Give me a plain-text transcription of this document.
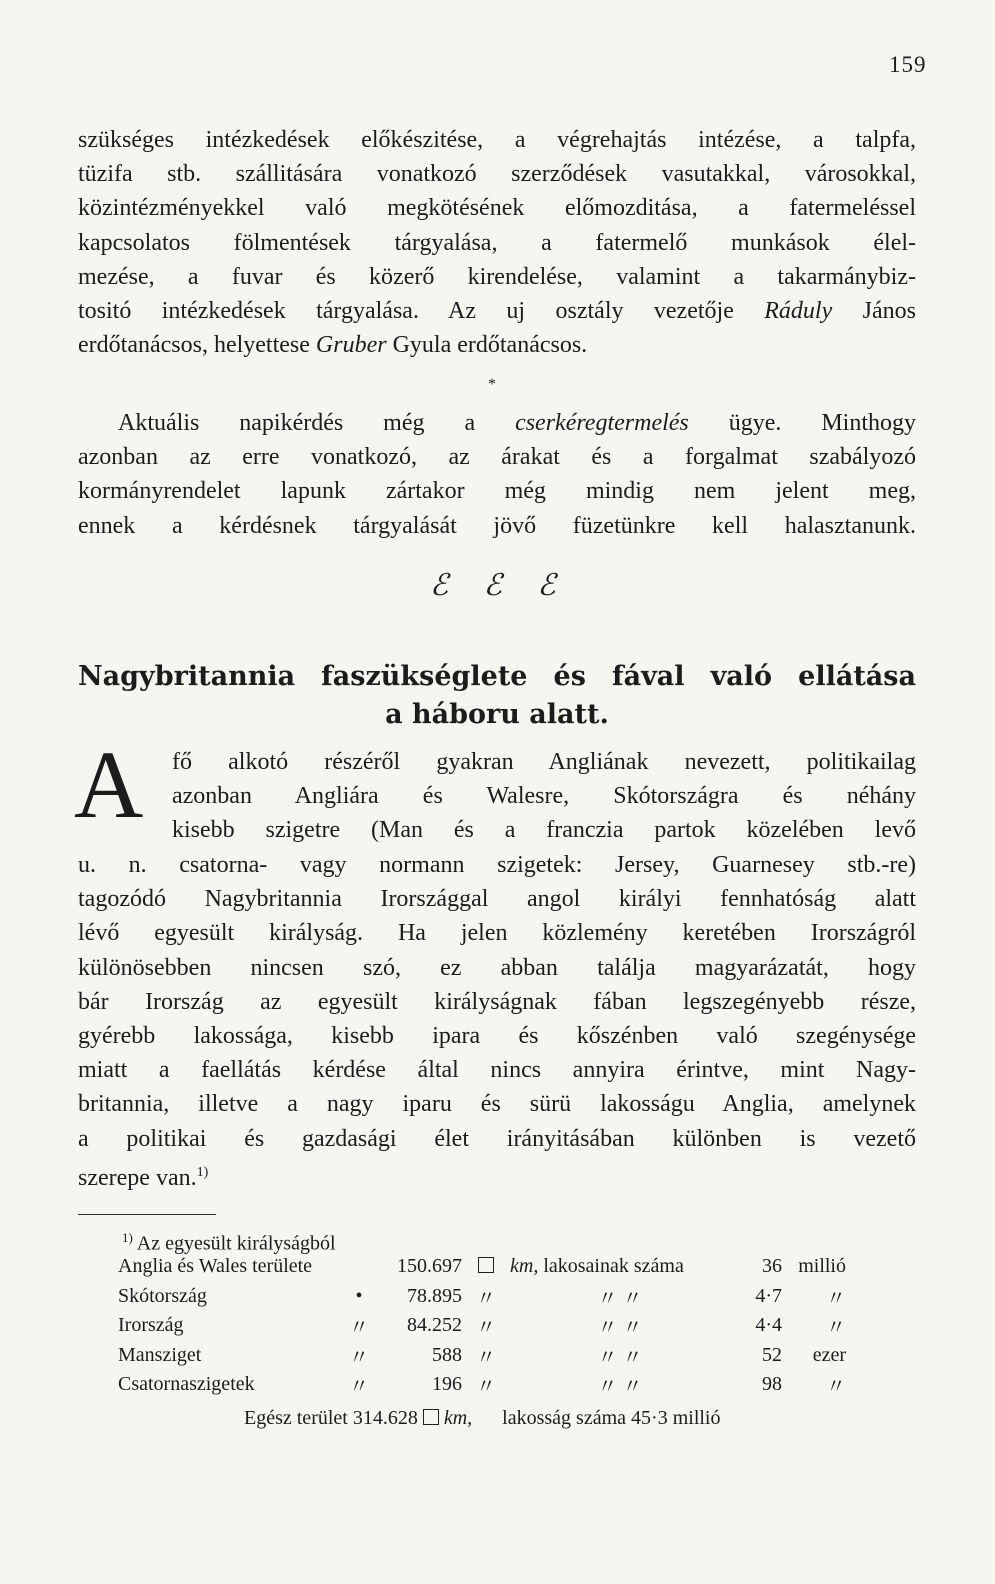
159
szükséges intézkedések előkészitése, a végrehajtás intézése, a talpfa,
tüzifa stb. szállitására vonatkozó szerződések vasutakkal, városokkal,
közintézményekkel való megkötésének előmozditása, a fatermeléssel
kapcsolatos fölmentések tárgyalása, a fatermelő munkások élel-
mezése, a fuvar és közerő kirendelése, valamint a takarmánybiz-
tositó intézkedések tárgyalása. Az uj osztály vezetője Ráduly János
erdőtanácsos, helyettese Gruber Gyula erdőtanácsos.
*
Aktuális napikérdés még a cserkéregtermelés ügye. Minthogy
azonban az erre vonatkozó, az árakat és a forgalmat szabályozó
kormányrendelet lapunk zártakor még mindig nem jelent meg,
ennek a kérdésnek tárgyalását jövő füzetünkre kell halasztanunk.
ℰ ℰ ℰ
Nagybritannia faszükséglete és fával való ellátása
a háboru alatt.
A fő alkotó részéről gyakran Angliának nevezett, politikailag
azonban Angliára és Walesre, Skótországra és néhány
kisebb szigetre (Man és a franczia partok közelében levő
u. n. csatorna- vagy normann szigetek: Jersey, Guarnesey stb.-re)
tagozódó Nagybritannia Irországgal angol királyi fennhatóság alatt
lévő egyesült királyság. Ha jelen közlemény keretében Irországról
különösebben nincsen szó, ez abban találja magyarázatát, hogy
bár Irország az egyesült királyságnak fában legszegényebb része,
gyérebb lakossága, kisebb ipara és kőszénben való szegénysége
miatt a faellátás kérdése által nincs annyira érintve, mint Nagy-
britannia, illetve a nagy iparu és sürü lakosságu Anglia, amelynek
a politikai és gazdasági élet irányitásában különben is vezető
szerepe van.$^{1)}$
$^{1)}$ Az egyesült királyságból
Anglia és Wales területe		150.697		km, lakosainak száma	36	millió
Skótország	•	78.895	〃	〃 〃	4·7	〃
Irország	〃	84.252	〃	〃 〃	4·4	〃
Mansziget	〃	588	〃	〃 〃	52	ezer
Csatornaszigetek	〃	196	〃	〃 〃	98	〃
Egész terület 314.628 km, lakosság száma 45·3 millió
